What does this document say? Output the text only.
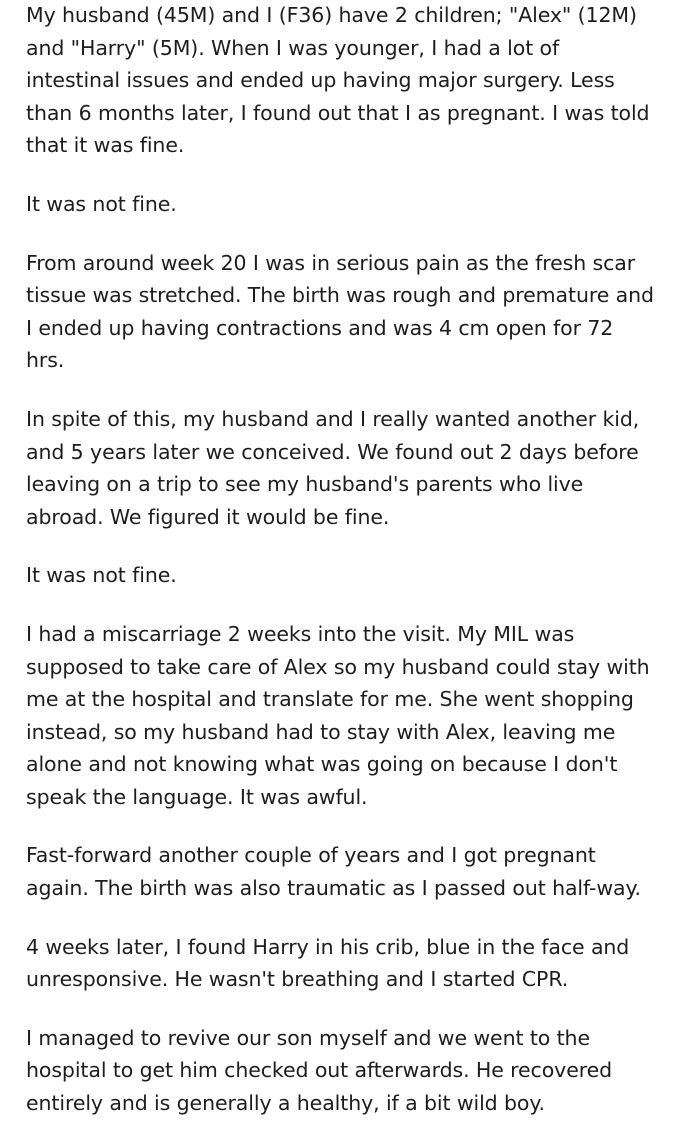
My husband (45M) and I (F36) have 2 children; "Alex" (12M)
and "Harry" (5M). When I was younger, I had a lot of
intestinal issues and ended up having major surgery. Less
than 6 months later, I found out that I as pregnant. I was told
that it was fine.

It was not fine.

From around week 20 I was in serious pain as the fresh scar
tissue was stretched. The birth was rough and premature and
I ended up having contractions and was 4 cm open for 72
hrs.

In spite of this, my husband and I really wanted another kid,
and 5 years later we conceived. We found out 2 days before
leaving on a trip to see my husband's parents who live
abroad. We figured it would be fine.

It was not fine.

I had a miscarriage 2 weeks into the visit. My MIL was
supposed to take care of Alex so my husband could stay with
me at the hospital and translate for me. She went shopping
instead, so my husband had to stay with Alex, leaving me
alone and not knowing what was going on because I don't
speak the language. It was awful.

Fast-forward another couple of years and I got pregnant
again. The birth was also traumatic as I passed out half-way.

4 weeks later, I found Harry in his crib, blue in the face and
unresponsive. He wasn't breathing and I started CPR.

I managed to revive our son myself and we went to the
hospital to get him checked out afterwards. He recovered
entirely and is generally a healthy, if a bit wild boy.
